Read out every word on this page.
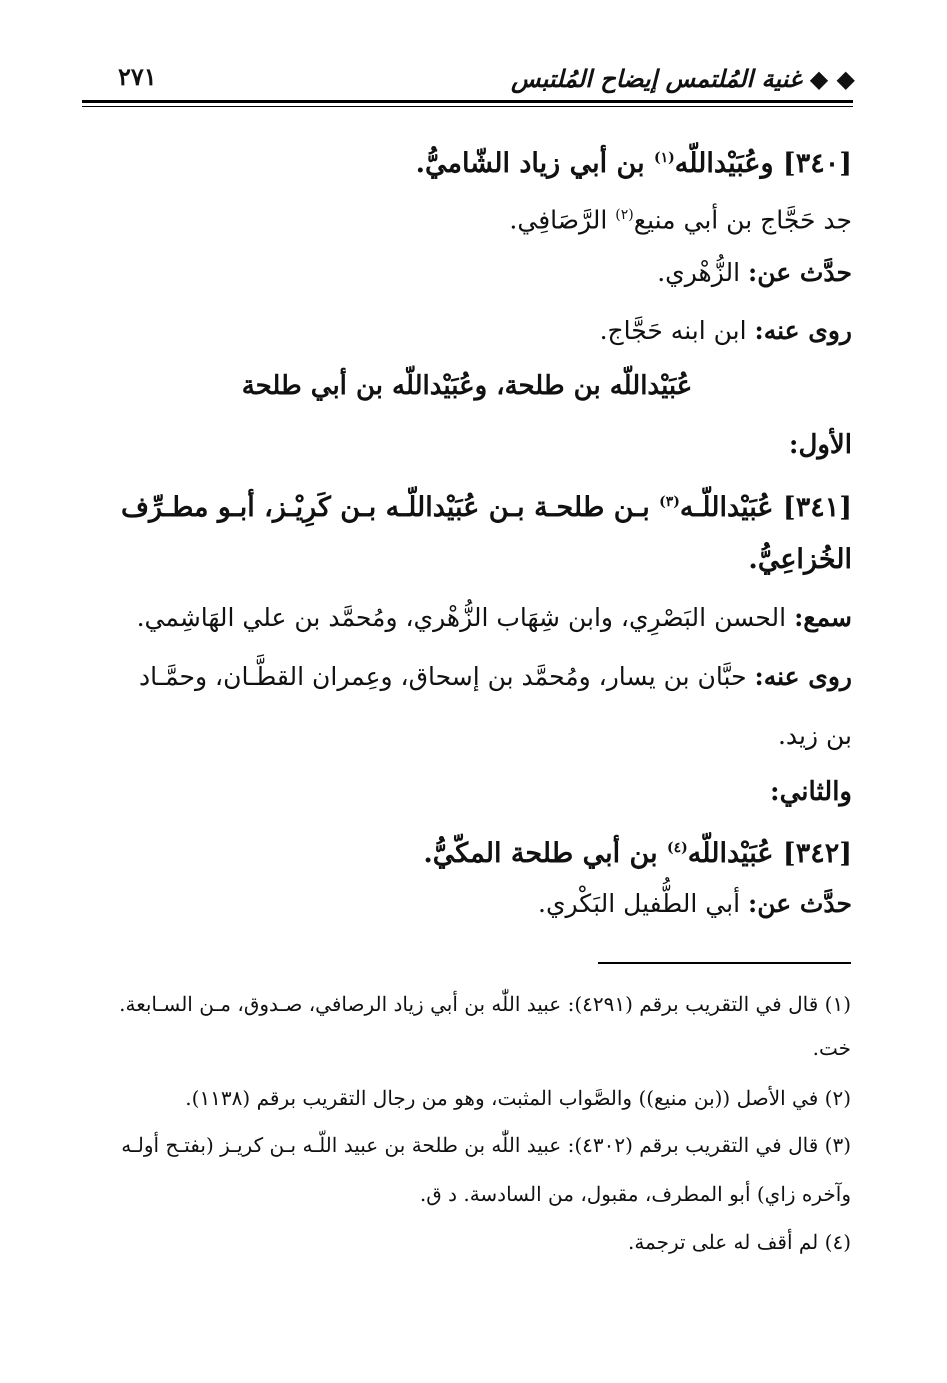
◆ ◆ غنية المُلتمس إيضاح المُلتبس
٢٧١
[٣٤٠] وعُبَيْداللّه$^{(١)}$ بن أبي زياد الشّاميُّ.
جد حَجَّاج بن أبي منيع$^{(٢)}$ الرَّصَافِي.
حدَّث عن: الزُّهْري.
روى عنه: ابن ابنه حَجَّاج.
عُبَيْداللّه بن طلحة، وعُبَيْداللّه بن أبي طلحة
الأول:
[٣٤١] عُبَيْداللّـه$^{(٣)}$ بـن طلحـة بـن عُبَيْداللّـه بـن كَرِيْـز، أبـو مطـرِّف
الخُزاعِيُّ.
سمع: الحسن البَصْرِي، وابن شِهَاب الزُّهْري، ومُحمَّد بن علي الهَاشِمي.
روى عنه: حبَّان بن يسار، ومُحمَّد بن إسحاق، وعِمران القطَّـان، وحمَّـاد
بن زيد.
والثاني:
[٣٤٢] عُبَيْداللّه$^{(٤)}$ بن أبي طلحة المكّيُّ.
حدَّث عن: أبي الطُّفيل البَكْري.
(١) قال في التقريب برقم (٤٢٩١): عبيد اللّٰه بن أبي زياد الرصافي، صـدوق، مـن السـابعة.
خت.
(٢) في الأصل ((بن منيع)) والصَّواب المثبت، وهو من رجال التقريب برقم (١١٣٨).
(٣) قال في التقريب برقم (٤٣٠٢): عبيد اللّٰه بن طلحة بن عبيد اللّـه بـن كريـز (بفتـح أولـه
وآخره زاي) أبو المطرف، مقبول، من السادسة. د ق.
(٤) لم أقف له على ترجمة.
